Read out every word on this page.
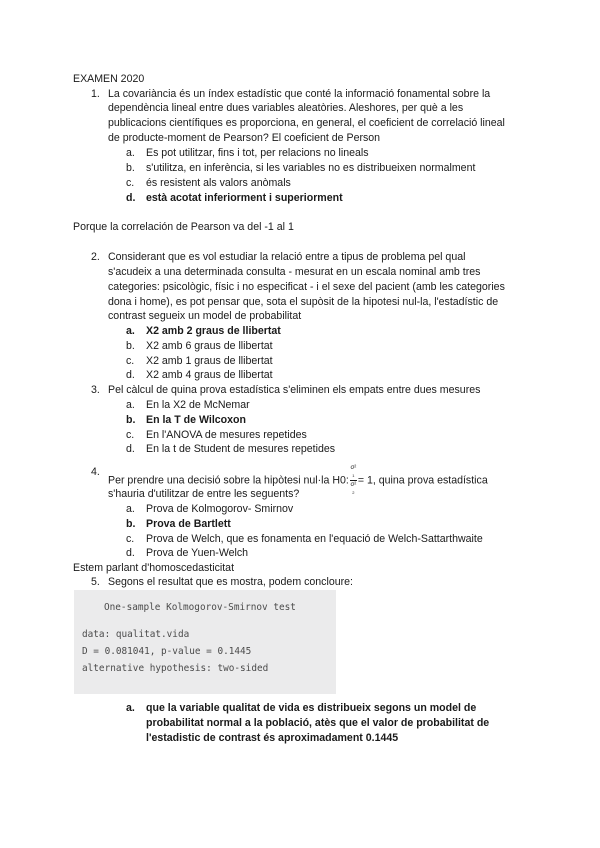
EXAMEN 2020
1. La covariància és un índex estadístic que conté la informació fonamental sobre la
dependència lineal entre dues variables aleatòries. Aleshores, per què a les
publicacions científiques es proporciona, en general, el coeficient de correlació lineal
de producte-moment de Pearson? El coeficient de Person
a. Es pot utilitzar, fins i tot, per relacions no lineals
b. s'utilitza, en inferència, si les variables no es distribueixen normalment
c. és resistent als valors anòmals
d. està acotat inferiorment i superiorment
Porque la correlación de Pearson va del -1 al 1
2. Considerant que es vol estudiar la relació entre a tipus de problema pel qual
s'acudeix a una determinada consulta - mesurat en un escala nominal amb tres
categories: psicològic, físic i no especificat - i el sexe del pacient (amb les categories
dona i home), es pot pensar que, sota el supòsit de la hipotesi nul-la, l'estadístic de
contrast segueix un model de probabilitat
a. X2 amb 2 graus de llibertat
b. X2 amb 6 graus de llibertat
c. X2 amb 1 graus de llibertat
d. X2 amb 4 graus de llibertat
3. Pel càlcul de quina prova estadística s'eliminen els empats entre dues mesures
a. En la X2 de McNemar
b. En la T de Wilcoxon
c. En l'ANOVA de mesures repetides
d. En la t de Student de mesures repetides
4.
Per prendre una decisió sobre la hipòtesi nul·la H0: σ²
$_1$
σ²
$_2$ = 1, quina prova estadística
s'hauria d'utilitzar de entre les seguents?
a. Prova de Kolmogorov- Smirnov
b. Prova de Bartlett
c. Prova de Welch, que es fonamenta en l'equació de Welch-Sattarthwaite
d. Prova de Yuen-Welch
Estem parlant d'homoscedasticitat
5. Segons el resultat que es mostra, podem concloure:
One-sample Kolmogorov-Smirnov test
data: qualitat.vida
D = 0.081041, p-value = 0.1445
alternative hypothesis: two-sided
a. que la variable qualitat de vida es distribueix segons un model de
probabilitat normal a la població, atès que el valor de probabilitat de
l'estadistic de contrast és aproximadament 0.1445
